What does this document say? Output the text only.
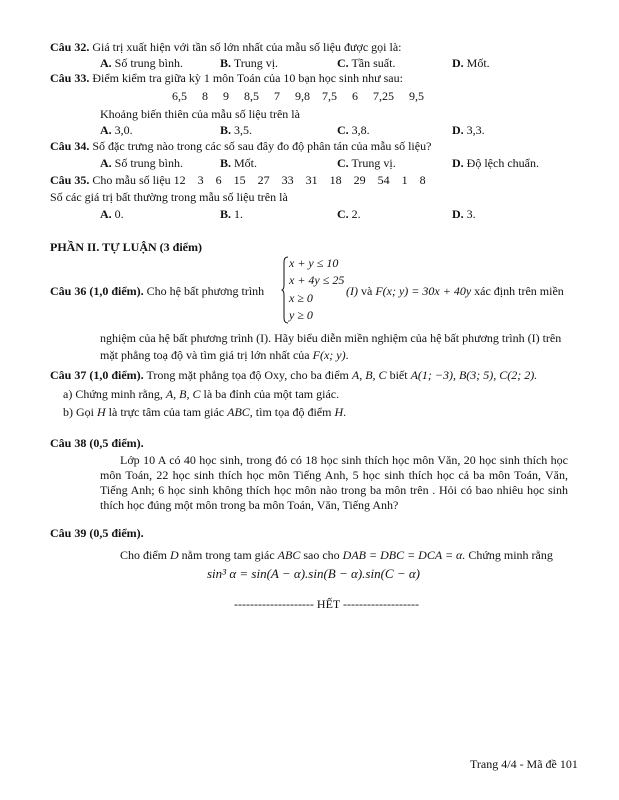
Câu 32. Giá trị xuất hiện với tần số lớn nhất của mẫu số liệu được gọi là:
A. Số trung bình.	B. Trung vị.	C. Tần suất.	D. Mốt.
Câu 33. Điểm kiểm tra giữa kỳ 1 môn Toán của 10 bạn học sinh như sau:
6,5     8     9     8,5     7     9,8    7,5     6     7,25     9,5
Khoảng biến thiên của mẫu số liệu trên là
A. 3,0.	B. 3,5.	C. 3,8.	D. 3,3.
Câu 34. Số đặc trưng nào trong các số sau đây đo độ phân tán của mẫu số liệu?
A. Số trung bình.	B. Mốt.	C. Trung vị.	D. Độ lệch chuẩn.
Câu 35. Cho mẫu số liệu 12    3    6    15    27    33    31    18    29    54    1    8
Số các giá trị bất thường trong mẫu số liệu trên là
A. 0.	B. 1.	C. 2.	D. 3.
PHẦN II. TỰ LUẬN (3 điểm)
Câu 36 (1,0 điểm). Cho hệ bất phương trình
x + y ≤ 10
x + 4y ≤ 25
x ≥ 0
y ≥ 0
(I) và F(x; y) = 30x + 40y xác định trên miền
nghiệm của hệ bất phương trình (I). Hãy biểu diễn miền nghiệm của hệ bất phương trình (I) trên
mặt phẳng toạ độ và tìm giá trị lớn nhất của F(x; y).
Câu 37 (1,0 điểm). Trong mặt phẳng tọa độ Oxy, cho ba điểm A, B, C biết A(1; −3), B(3; 5), C(2; 2).
a) Chứng minh rằng, A, B, C là ba đỉnh của một tam giác.
b) Gọi H là trực tâm của tam giác ABC, tìm tọa độ điểm H.
Câu 38 (0,5 điểm).
Lớp 10 A có 40 học sinh, trong đó có 18 học sinh thích học môn Văn, 20 học sinh thích học môn Toán, 22 học sinh thích học môn Tiếng Anh, 5 học sinh thích học cả ba môn Toán, Văn, Tiếng Anh; 6 học sinh không thích học môn nào trong ba môn trên . Hỏi có bao nhiêu học sinh thích học đúng một môn trong ba môn Toán, Văn, Tiếng Anh?
Câu 39 (0,5 điểm).
Cho điểm D nằm trong tam giác ABC sao cho DAB = DBC = DCA = α. Chứng minh rằng
sin³ α = sin(A − α).sin(B − α).sin(C − α)
-------------------- HẾT -------------------
Trang 4/4 - Mã đề 101
